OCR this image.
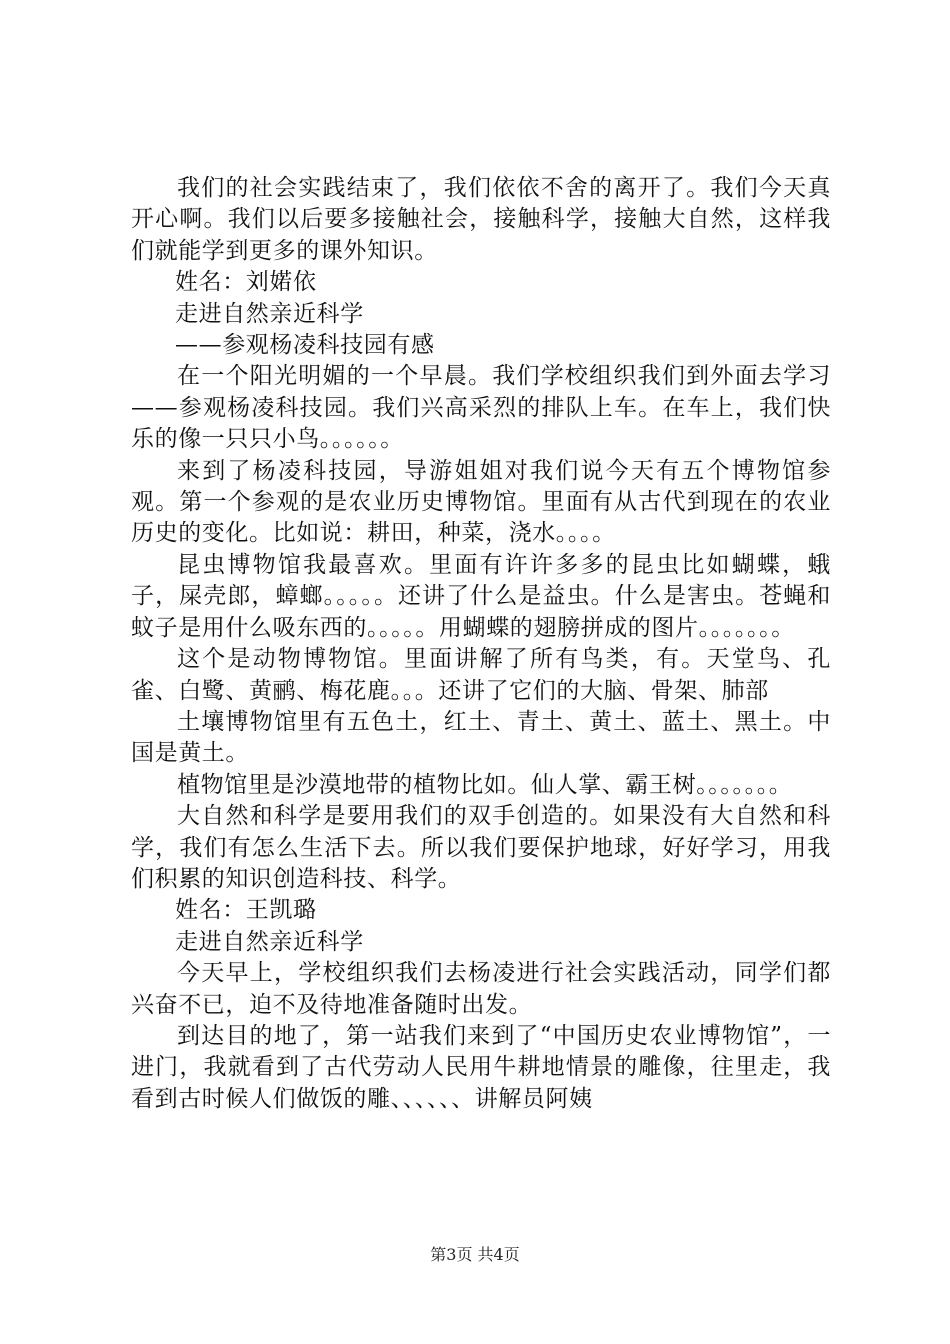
我们的社会实践结束了，我们依依不舍的离开了。我们今天真开心啊。我们以后要多接触社会，接触科学，接触大自然，这样我们就能学到更多的课外知识。

姓名：刘婼依

走进自然亲近科学

——参观杨凌科技园有感

在一个阳光明媚的一个早晨。我们学校组织我们到外面去学习——参观杨凌科技园。我们兴高采烈的排队上车。在车上，我们快乐的像一只只小鸟。。。。。。

来到了杨凌科技园，导游姐姐对我们说今天有五个博物馆参观。第一个参观的是农业历史博物馆。里面有从古代到现在的农业历史的变化。比如说：耕田，种菜，浇水。。。。

昆虫博物馆我最喜欢。里面有许许多多的昆虫比如蝴蝶，蛾子，屎壳郎，蟑螂。。。。。还讲了什么是益虫。什么是害虫。苍蝇和蚊子是用什么吸东西的。。。。。用蝴蝶的翅膀拼成的图片。。。。。。。

这个是动物博物馆。里面讲解了所有鸟类，有。天堂鸟、孔雀、白鹭、黄鹂、梅花鹿。。。还讲了它们的大脑、骨架、肺部

土壤博物馆里有五色土，红土、青土、黄土、蓝土、黑土。中国是黄土。

植物馆里是沙漠地带的植物比如。仙人掌、霸王树。。。。。。。

大自然和科学是要用我们的双手创造的。如果没有大自然和科学，我们有怎么生活下去。所以我们要保护地球，好好学习，用我们积累的知识创造科技、科学。

姓名：王凯璐

走进自然亲近科学

今天早上，学校组织我们去杨凌进行社会实践活动，同学们都兴奋不已，迫不及待地准备随时出发。

到达目的地了，第一站我们来到了“中国历史农业博物馆”，一进门，我就看到了古代劳动人民用牛耕地情景的雕像，往里走，我看到古时候人们做饭的雕、、、、、、讲解员阿姨

第3页 共4页
